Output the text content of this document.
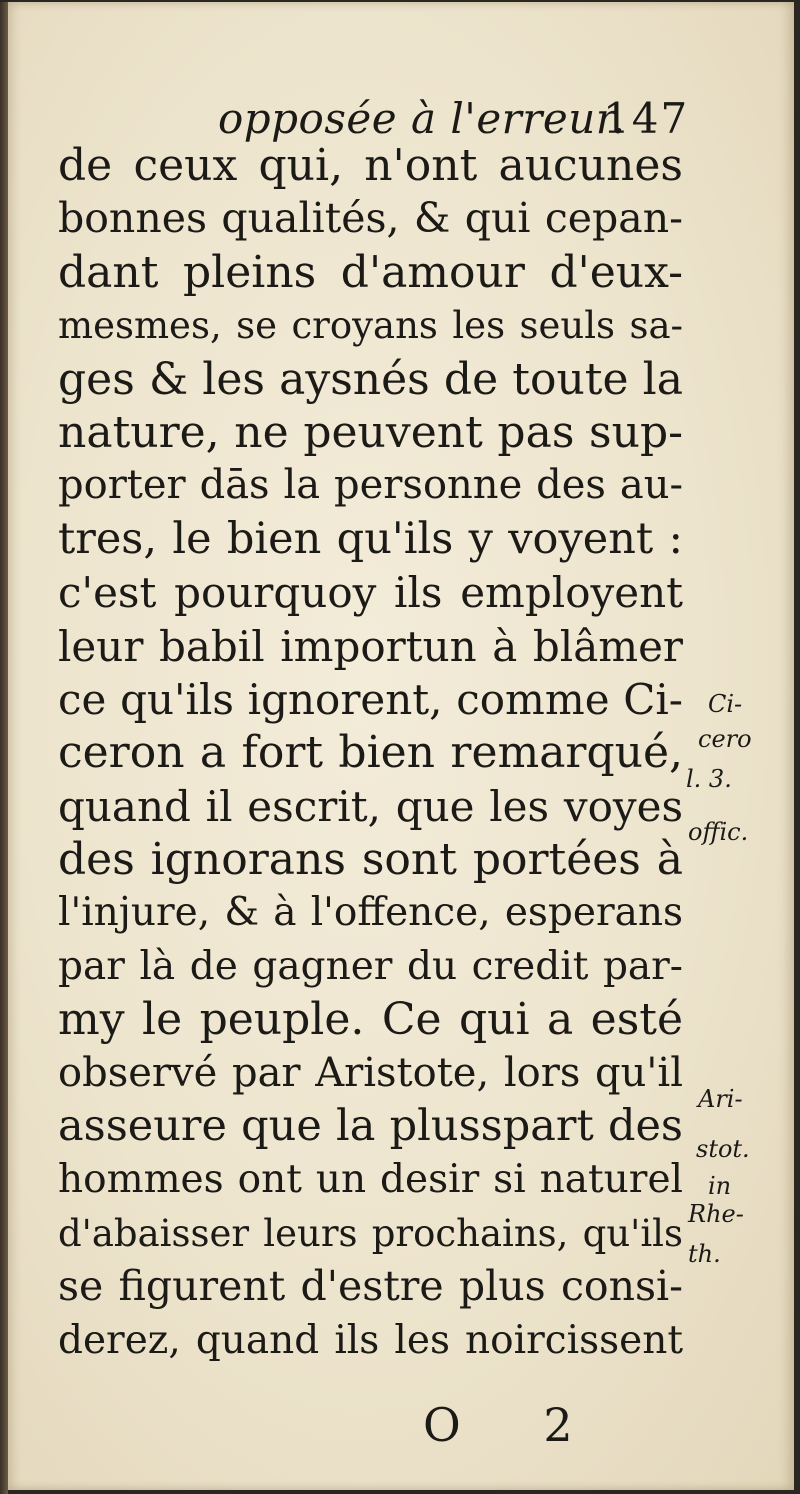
opposée à l'erreur.
147
de ceux qui, n'ont aucunes
bonnes qualités, & qui cepan-
dant pleins d'amour d'eux-
mesmes, se croyans les seuls sa-
ges & les aysnés de toute la
nature, ne peuvent pas sup-
porter dās la personne des au-
tres, le bien qu'ils y voyent :
c'est pourquoy ils employent
leur babil importun à blâmer
ce qu'ils ignorent, comme Ci-
ceron a fort bien remarqué,
quand il escrit, que les voyes
des ignorans sont portées à
l'injure, & à l'offence, esperans
par là de gagner du credit par-
my le peuple. Ce qui a esté
observé par Aristote, lors qu'il
asseure que la plusspart des
hommes ont un desir si naturel
d'abaisser leurs prochains, qu'ils
se figurent d'estre plus consi-
derez, quand ils les noircissent
Ci-
cero
l. 3.
offic.
Ari-
stot.
in
Rhe-
th.
O 2
